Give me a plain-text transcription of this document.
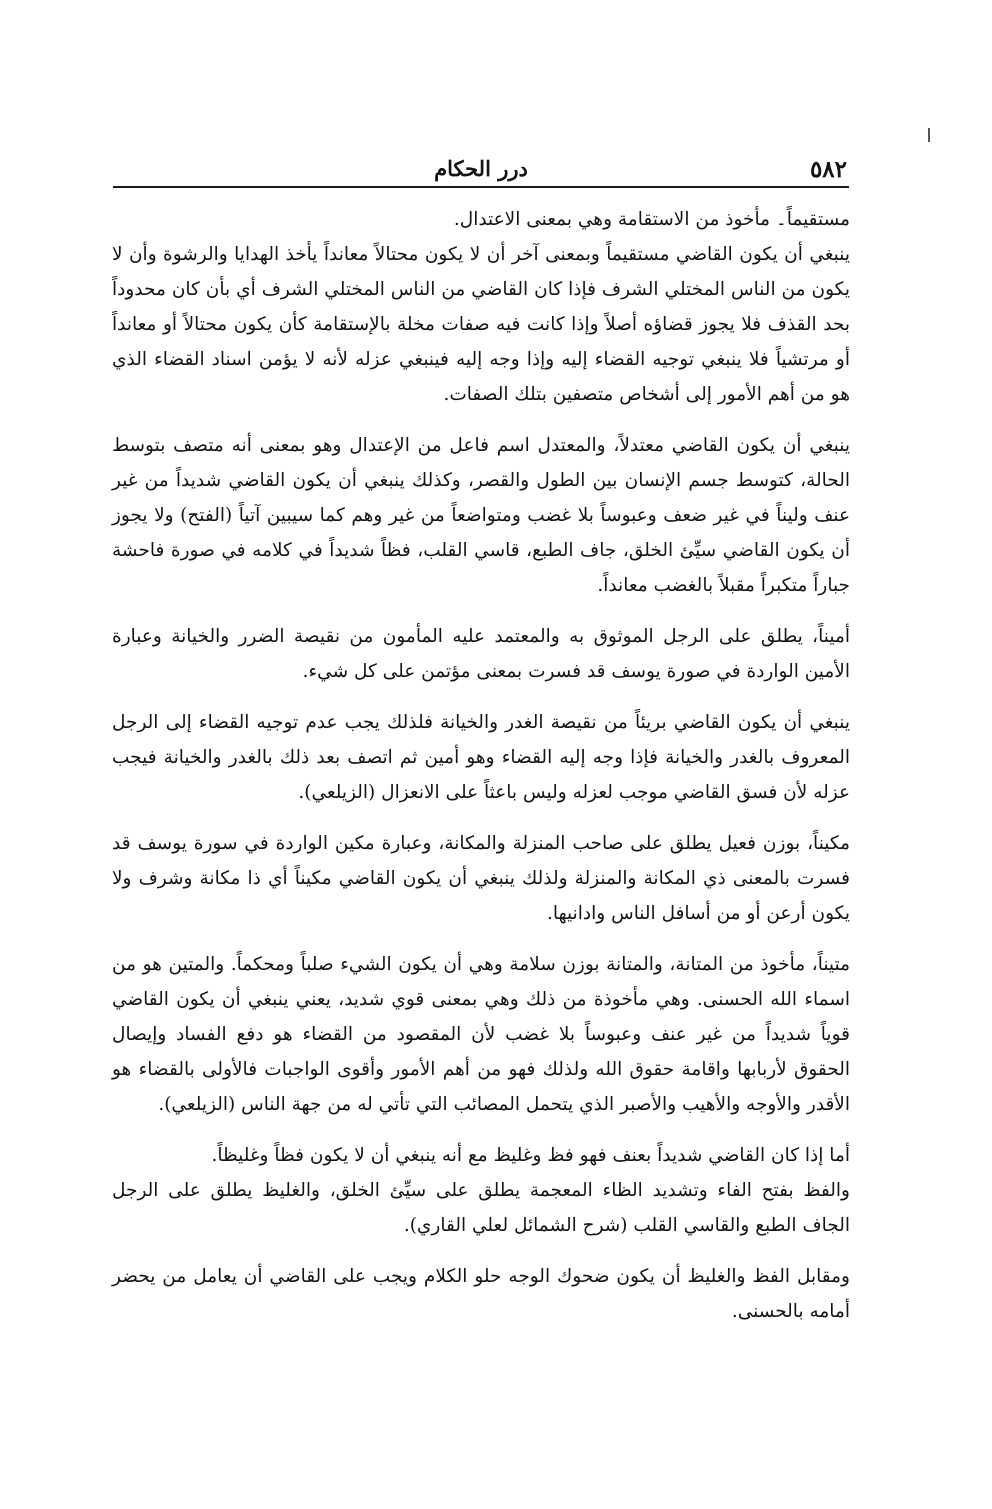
درر الحكام	٥٨٢

مستقيماً۔ مأخوذ من الاستقامة وهي بمعنى الاعتدال.

ينبغي أن يكون القاضي مستقيماً وبمعنى آخر أن لا يكون محتالاً معانداً يأخذ الهدايا والرشوة وأن لا يكون من الناس المختلي الشرف فإذا كان القاضي من الناس المختلي الشرف أي بأن كان محدوداً بحد القذف فلا يجوز قضاؤه أصلاً وإذا كانت فيه صفات مخلة بالإستقامة كأن يكون محتالاً أو معانداً أو مرتشياً فلا ينبغي توجيه القضاء إليه وإذا وجه إليه فينبغي عزله لأنه لا يؤمن اسناد القضاء الذي هو من أهم الأمور إلى أشخاص متصفين بتلك الصفات.

ينبغي أن يكون القاضي معتدلاً، والمعتدل اسم فاعل من الإعتدال وهو بمعنى أنه متصف بتوسط الحالة، كتوسط جسم الإنسان بين الطول والقصر، وكذلك ينبغي أن يكون القاضي شديداً من غير عنف وليناً في غير ضعف وعبوساً بلا غضب ومتواضعاً من غير وهم كما سيبين آتياً (الفتح) ولا يجوز أن يكون القاضي سيِّئ الخلق، جاف الطبع، قاسي القلب، فظاً شديداً في كلامه في صورة فاحشة جباراً متكبراً مقبلاً بالغضب معانداً.

أميناً، يطلق على الرجل الموثوق به والمعتمد عليه المأمون من نقيصة الضرر والخيانة وعبارة الأمين الواردة في صورة يوسف قد فسرت بمعنى مؤتمن على كل شيء.

ينبغي أن يكون القاضي بريئاً من نقيصة الغدر والخيانة فلذلك يجب عدم توجيه القضاء إلى الرجل المعروف بالغدر والخيانة فإذا وجه إليه القضاء وهو أمين ثم اتصف بعد ذلك بالغدر والخيانة فيجب عزله لأن فسق القاضي موجب لعزله وليس باعثاً على الانعزال (الزيلعي).

مكيناً، بوزن فعيل يطلق على صاحب المنزلة والمكانة، وعبارة مكين الواردة في سورة يوسف قد فسرت بالمعنى ذي المكانة والمنزلة ولذلك ينبغي أن يكون القاضي مكيناً أي ذا مكانة وشرف ولا يكون أرعن أو من أسافل الناس وادانيها.

متيناً، مأخوذ من المتانة، والمتانة بوزن سلامة وهي أن يكون الشيء صلباً ومحكماً. والمتين هو من اسماء الله الحسنى. وهي مأخوذة من ذلك وهي بمعنى قوي شديد، يعني ينبغي أن يكون القاضي قوياً شديداً من غير عنف وعبوساً بلا غضب لأن المقصود من القضاء هو دفع الفساد وإيصال الحقوق لأربابها واقامة حقوق الله ولذلك فهو من أهم الأمور وأقوى الواجبات فالأولى بالقضاء هو الأقدر والأوجه والأهيب والأصبر الذي يتحمل المصائب التي تأتي له من جهة الناس (الزيلعي).

أما إذا كان القاضي شديداً بعنف فهو فظ وغليظ مع أنه ينبغي أن لا يكون فظاً وغليظاً.

والفظ بفتح الفاء وتشديد الظاء المعجمة يطلق على سيِّئ الخلق، والغليظ يطلق على الرجل الجاف الطبع والقاسي القلب (شرح الشمائل لعلي القاري).

ومقابل الفظ والغليظ أن يكون ضحوك الوجه حلو الكلام ويجب على القاضي أن يعامل من يحضر أمامه بالحسنى.
